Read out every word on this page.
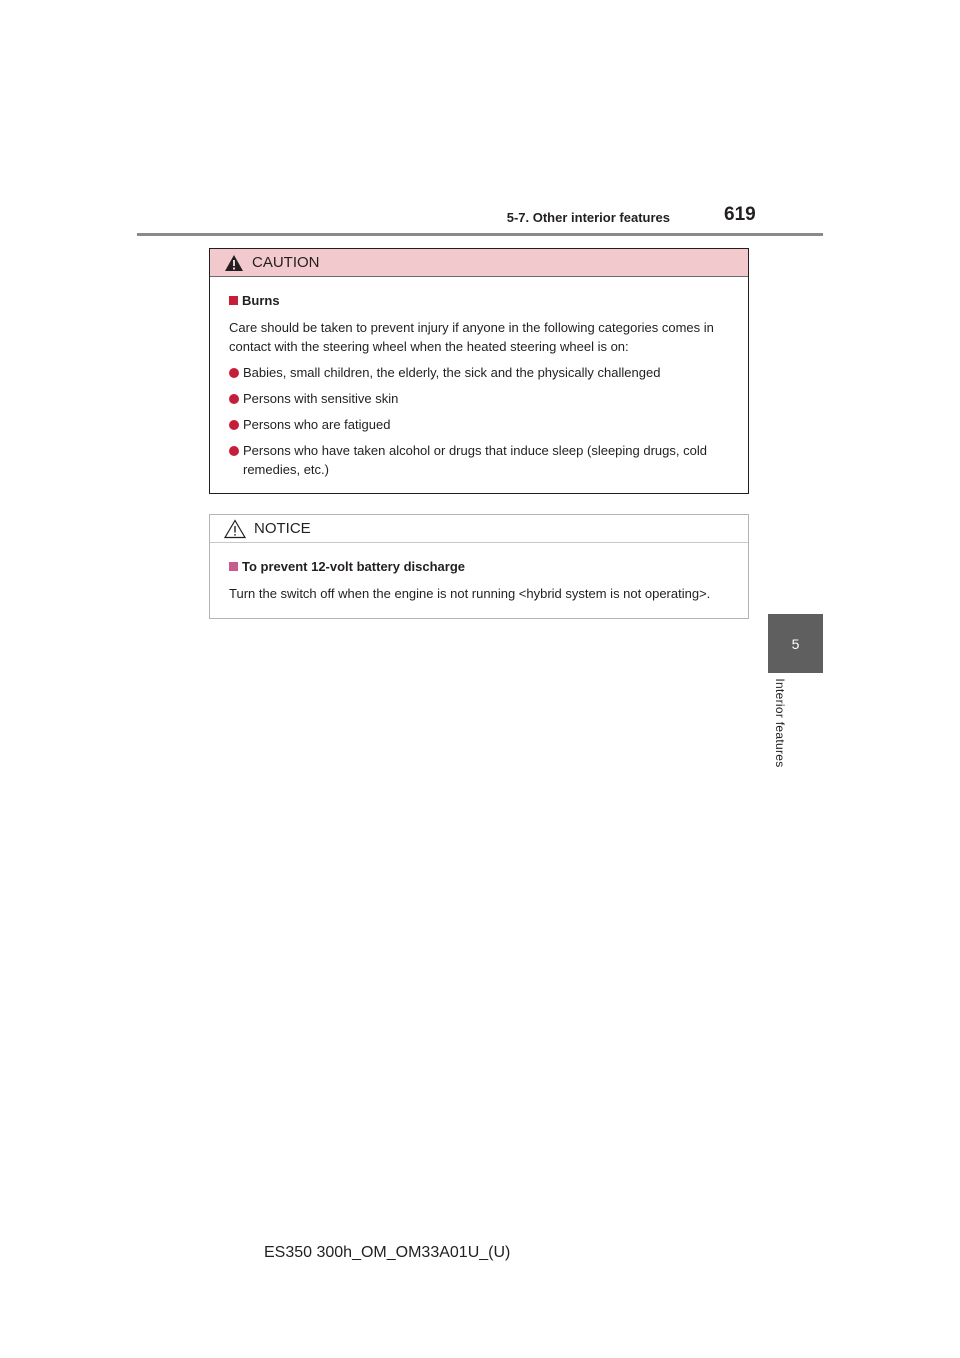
5-7. Other interior features	619
5
Interior features
CAUTION
Burns
Care should be taken to prevent injury if anyone in the following categories comes in contact with the steering wheel when the heated steering wheel is on:
Babies, small children, the elderly, the sick and the physically challenged
Persons with sensitive skin
Persons who are fatigued
Persons who have taken alcohol or drugs that induce sleep (sleeping drugs, cold remedies, etc.)
NOTICE
To prevent 12-volt battery discharge
Turn the switch off when the engine is not running <hybrid system is not operating>.
ES350 300h_OM_OM33A01U_(U)
